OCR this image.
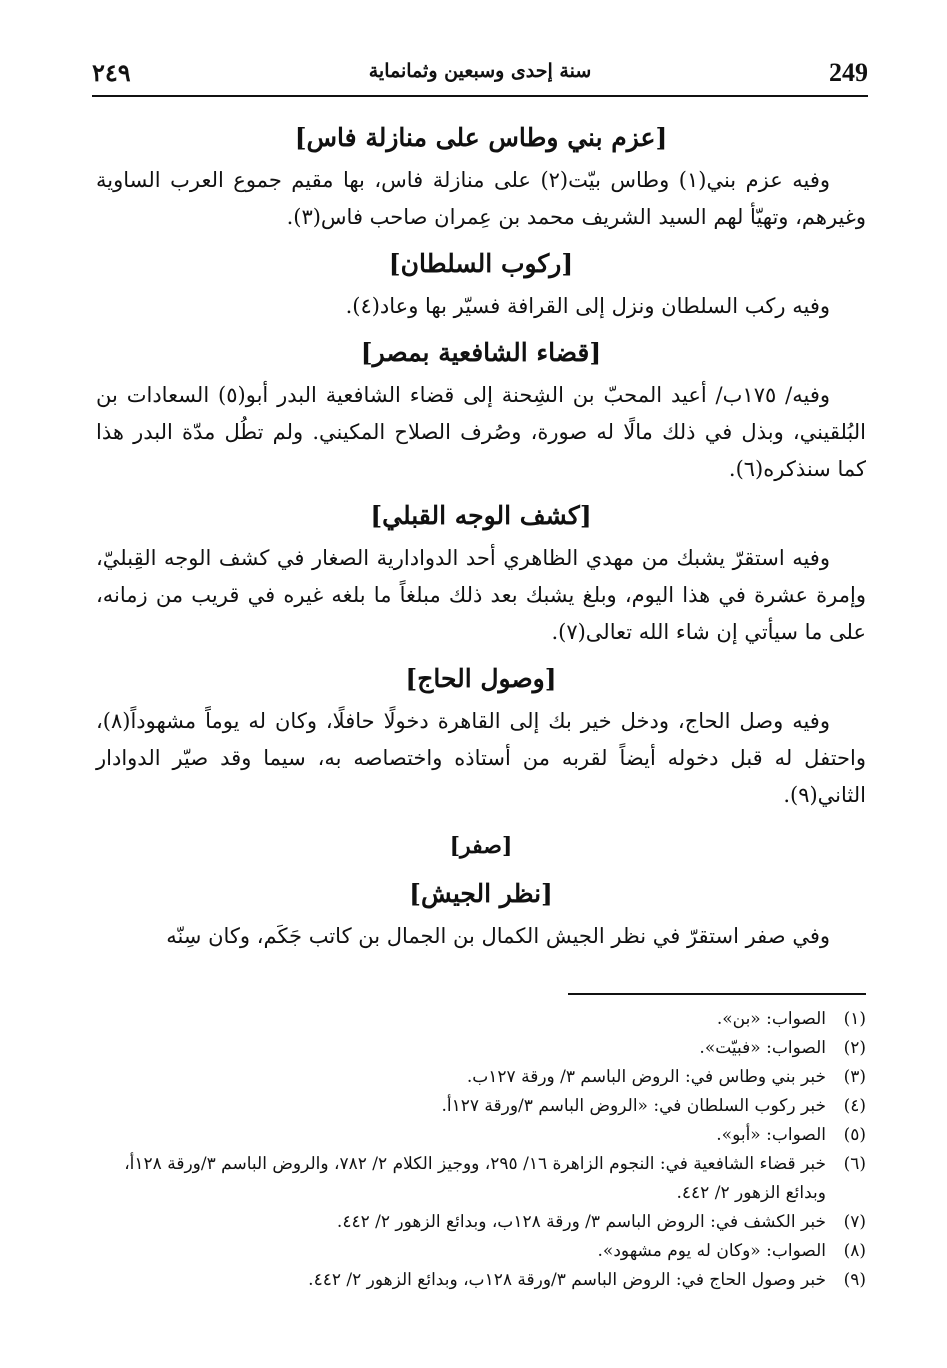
249
سنة إحدى وسبعين وثمانماية
٢٤٩
[عزم بني وطاس على منازلة فاس]

وفيه عزم بني(١) وطاس بيّت(٢) على منازلة فاس، بها مقيم جموع العرب الساوية وغيرهم، وتهيّأ لهم السيد الشريف محمد بن عِمران صاحب فاس(٣).

[ركوب السلطان]

وفيه ركب السلطان ونزل إلى القرافة فسيّر بها وعاد(٤).

[قضاء الشافعية بمصر]

وفيه/ ١٧٥ب/ أعيد المحبّ بن الشِحنة إلى قضاء الشافعية البدر أبو(٥) السعادات بن البُلقيني، وبذل في ذلك مالًا له صورة، وصُرف الصلاح المكيني. ولم تطُل مدّة البدر هذا كما سنذكره(٦).

[كشف الوجه القبلي]

وفيه استقرّ يشبك من مهدي الظاهري أحد الدوادارية الصغار في كشف الوجه القِبليّ، وإمرة عشرة في هذا اليوم، وبلغ يشبك بعد ذلك مبلغاً ما بلغه غيره في قريب من زمانه، على ما سيأتي إن شاء الله تعالى(٧).

[وصول الحاج]

وفيه وصل الحاج، ودخل خير بك إلى القاهرة دخولًا حافلًا، وكان له يوماً مشهوداً(٨)، واحتفل له قبل دخوله أيضاً لقربه من أستاذه واختصاصه به، سيما وقد صيّر الدوادار الثاني(٩).

[صفر]
[نظر الجيش]

وفي صفر استقرّ في نظر الجيش الكمال بن الجمال بن كاتب جَكَم، وكان سِنّه

(١)
الصواب: «بن».
(٢)
الصواب: «فبيّت».
(٣)
خبر بني وطاس في: الروض الباسم ٣/ ورقة ١٢٧ب.
(٤)
خبر ركوب السلطان في: «الروض الباسم ٣/ورقة ١٢٧أ.
(٥)
الصواب: «أبو».
(٦)
خبر قضاء الشافعية في: النجوم الزاهرة ١٦/ ٢٩٥، ووجيز الكلام ٢/ ٧٨٢، والروض الباسم ٣/ورقة ١٢٨أ، وبدائع الزهور ٢/ ٤٤٢.
(٧)
خبر الكشف في: الروض الباسم ٣/ ورقة ١٢٨ب، وبدائع الزهور ٢/ ٤٤٢.
(٨)
الصواب: «وكان له يوم مشهود».
(٩)
خبر وصول الحاج في: الروض الباسم ٣/ورقة ١٢٨ب، وبدائع الزهور ٢/ ٤٤٢.
